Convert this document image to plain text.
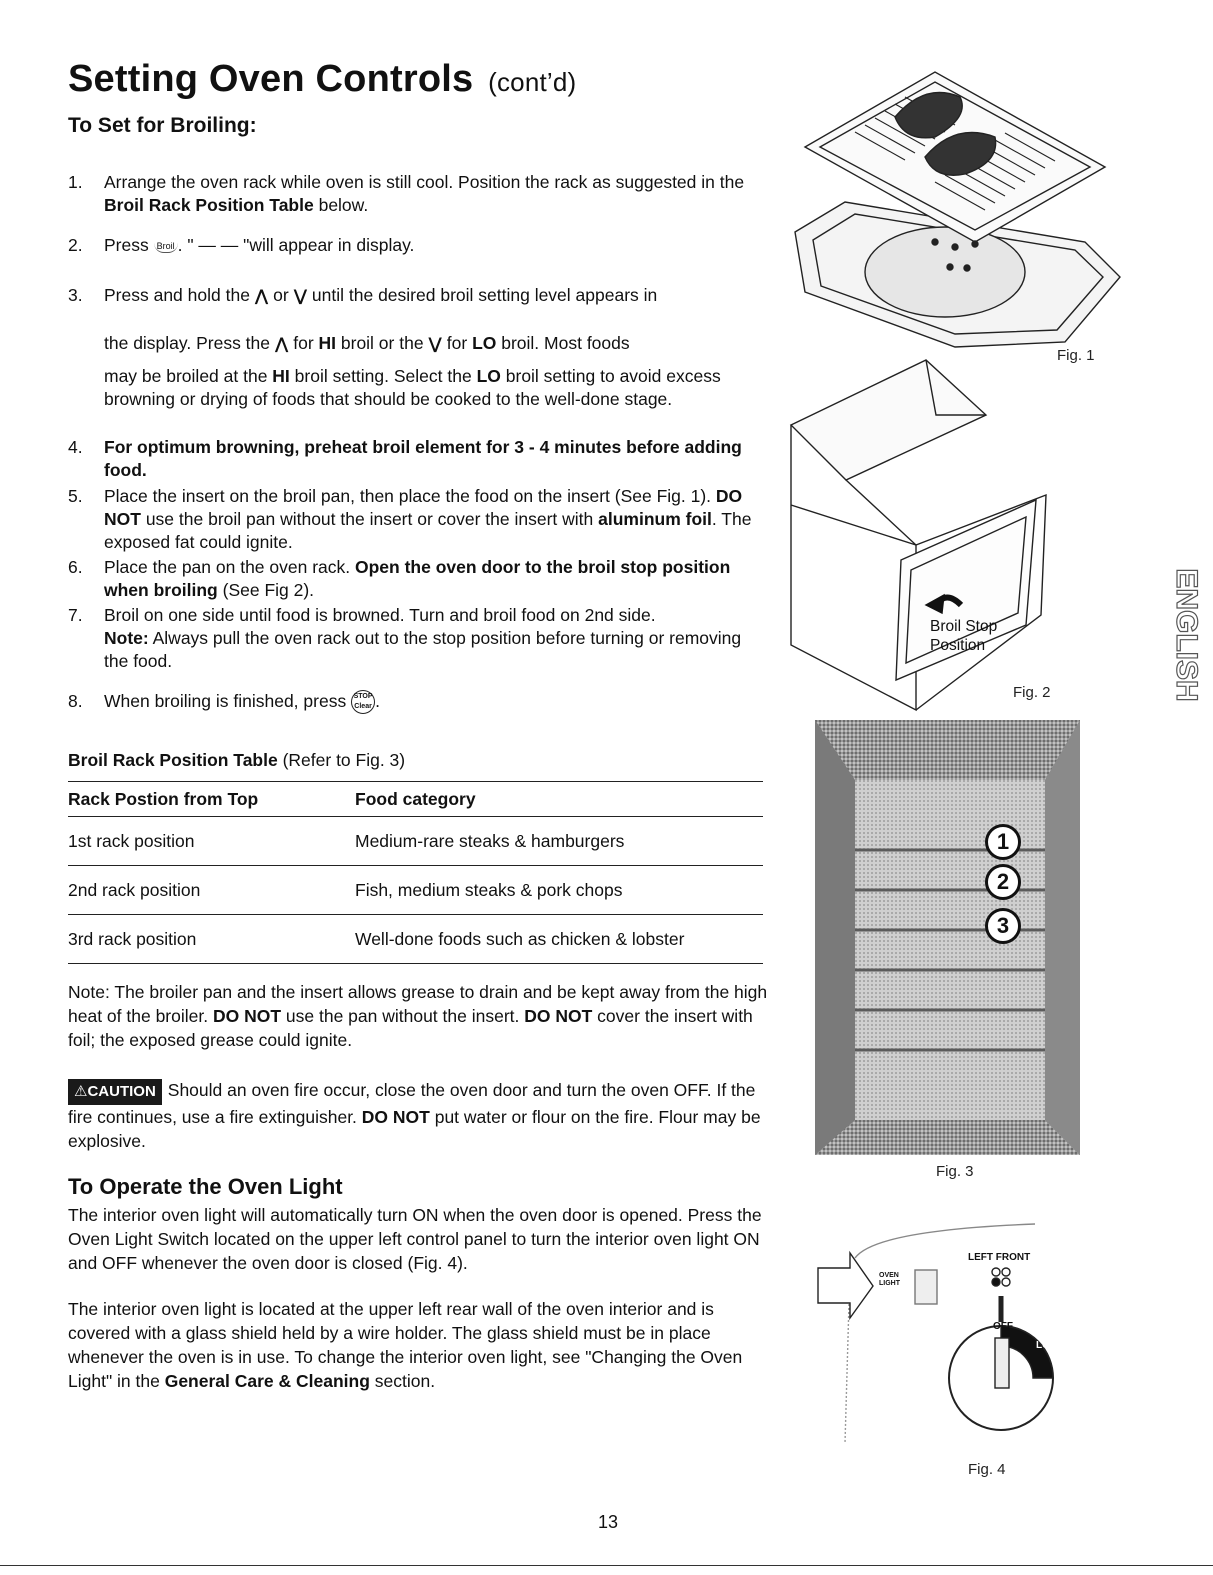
Setting Oven Controls (cont’d)
To Set for Broiling:
1. Arrange the oven rack while oven is still cool. Position the rack as suggested in the Broil Rack Position Table below.
2. Press Broil . " — — "will appear in display.
3. Press and hold the ⋀ or ⋁ until the desired broil setting level appears in
the display. Press the ⋀ for HI broil or the ⋁ for LO broil. Most foods
may be broiled at the HI broil setting. Select the LO broil setting to avoid excess browning or drying of foods that should be cooked to the well-done stage.
4. For optimum browning, preheat broil element for 3 - 4 minutes before adding food.
5. Place the insert on the broil pan, then place the food on the insert (See Fig. 1). DO NOT use the broil pan without the insert or cover the insert with aluminum foil. The exposed fat could ignite.
6. Place the pan on the oven rack. Open the oven door to the broil stop position when broiling (See Fig 2).
7. Broil on one side until food is browned. Turn and broil food on 2nd side.
Note: Always pull the oven rack out to the stop position before turning or removing the food.
8. When broiling is finished, press STOP
Clear .
Broil Rack Position Table (Refer to Fig. 3)
Rack Postion from Top	Food category
1st rack position	Medium-rare steaks & hamburgers
2nd rack position	Fish, medium steaks & pork chops
3rd rack position	Well-done foods such as chicken & lobster
Note: The broiler pan and the insert allows grease to drain and be kept away from the high heat of the broiler. DO NOT use the pan without the insert. DO NOT cover the insert with foil; the exposed grease could ignite.
⚠CAUTION Should an oven fire occur, close the oven door and turn the oven OFF. If the fire continues, use a fire extinguisher. DO NOT put water or flour on the fire. Flour may be explosive.
To Operate the Oven Light
The interior oven light will automatically turn ON when the oven door is opened. Press the Oven Light Switch located on the upper left control panel to turn the interior oven light ON and OFF whenever the oven door is closed (Fig. 4).
The interior oven light is located at the upper left rear wall of the oven interior and is covered with a glass shield held by a wire holder. The glass shield must be in place whenever the oven is in use. To change the interior oven light, see "Changing the Oven Light" in the General Care & Cleaning section.
Fig. 1
Broil Stop
Position
Fig. 2
1
2
3
Fig. 3
OVEN
LIGHT
LEFT FRONT
OFF
LO
Fig. 4
ENGLISH
13
